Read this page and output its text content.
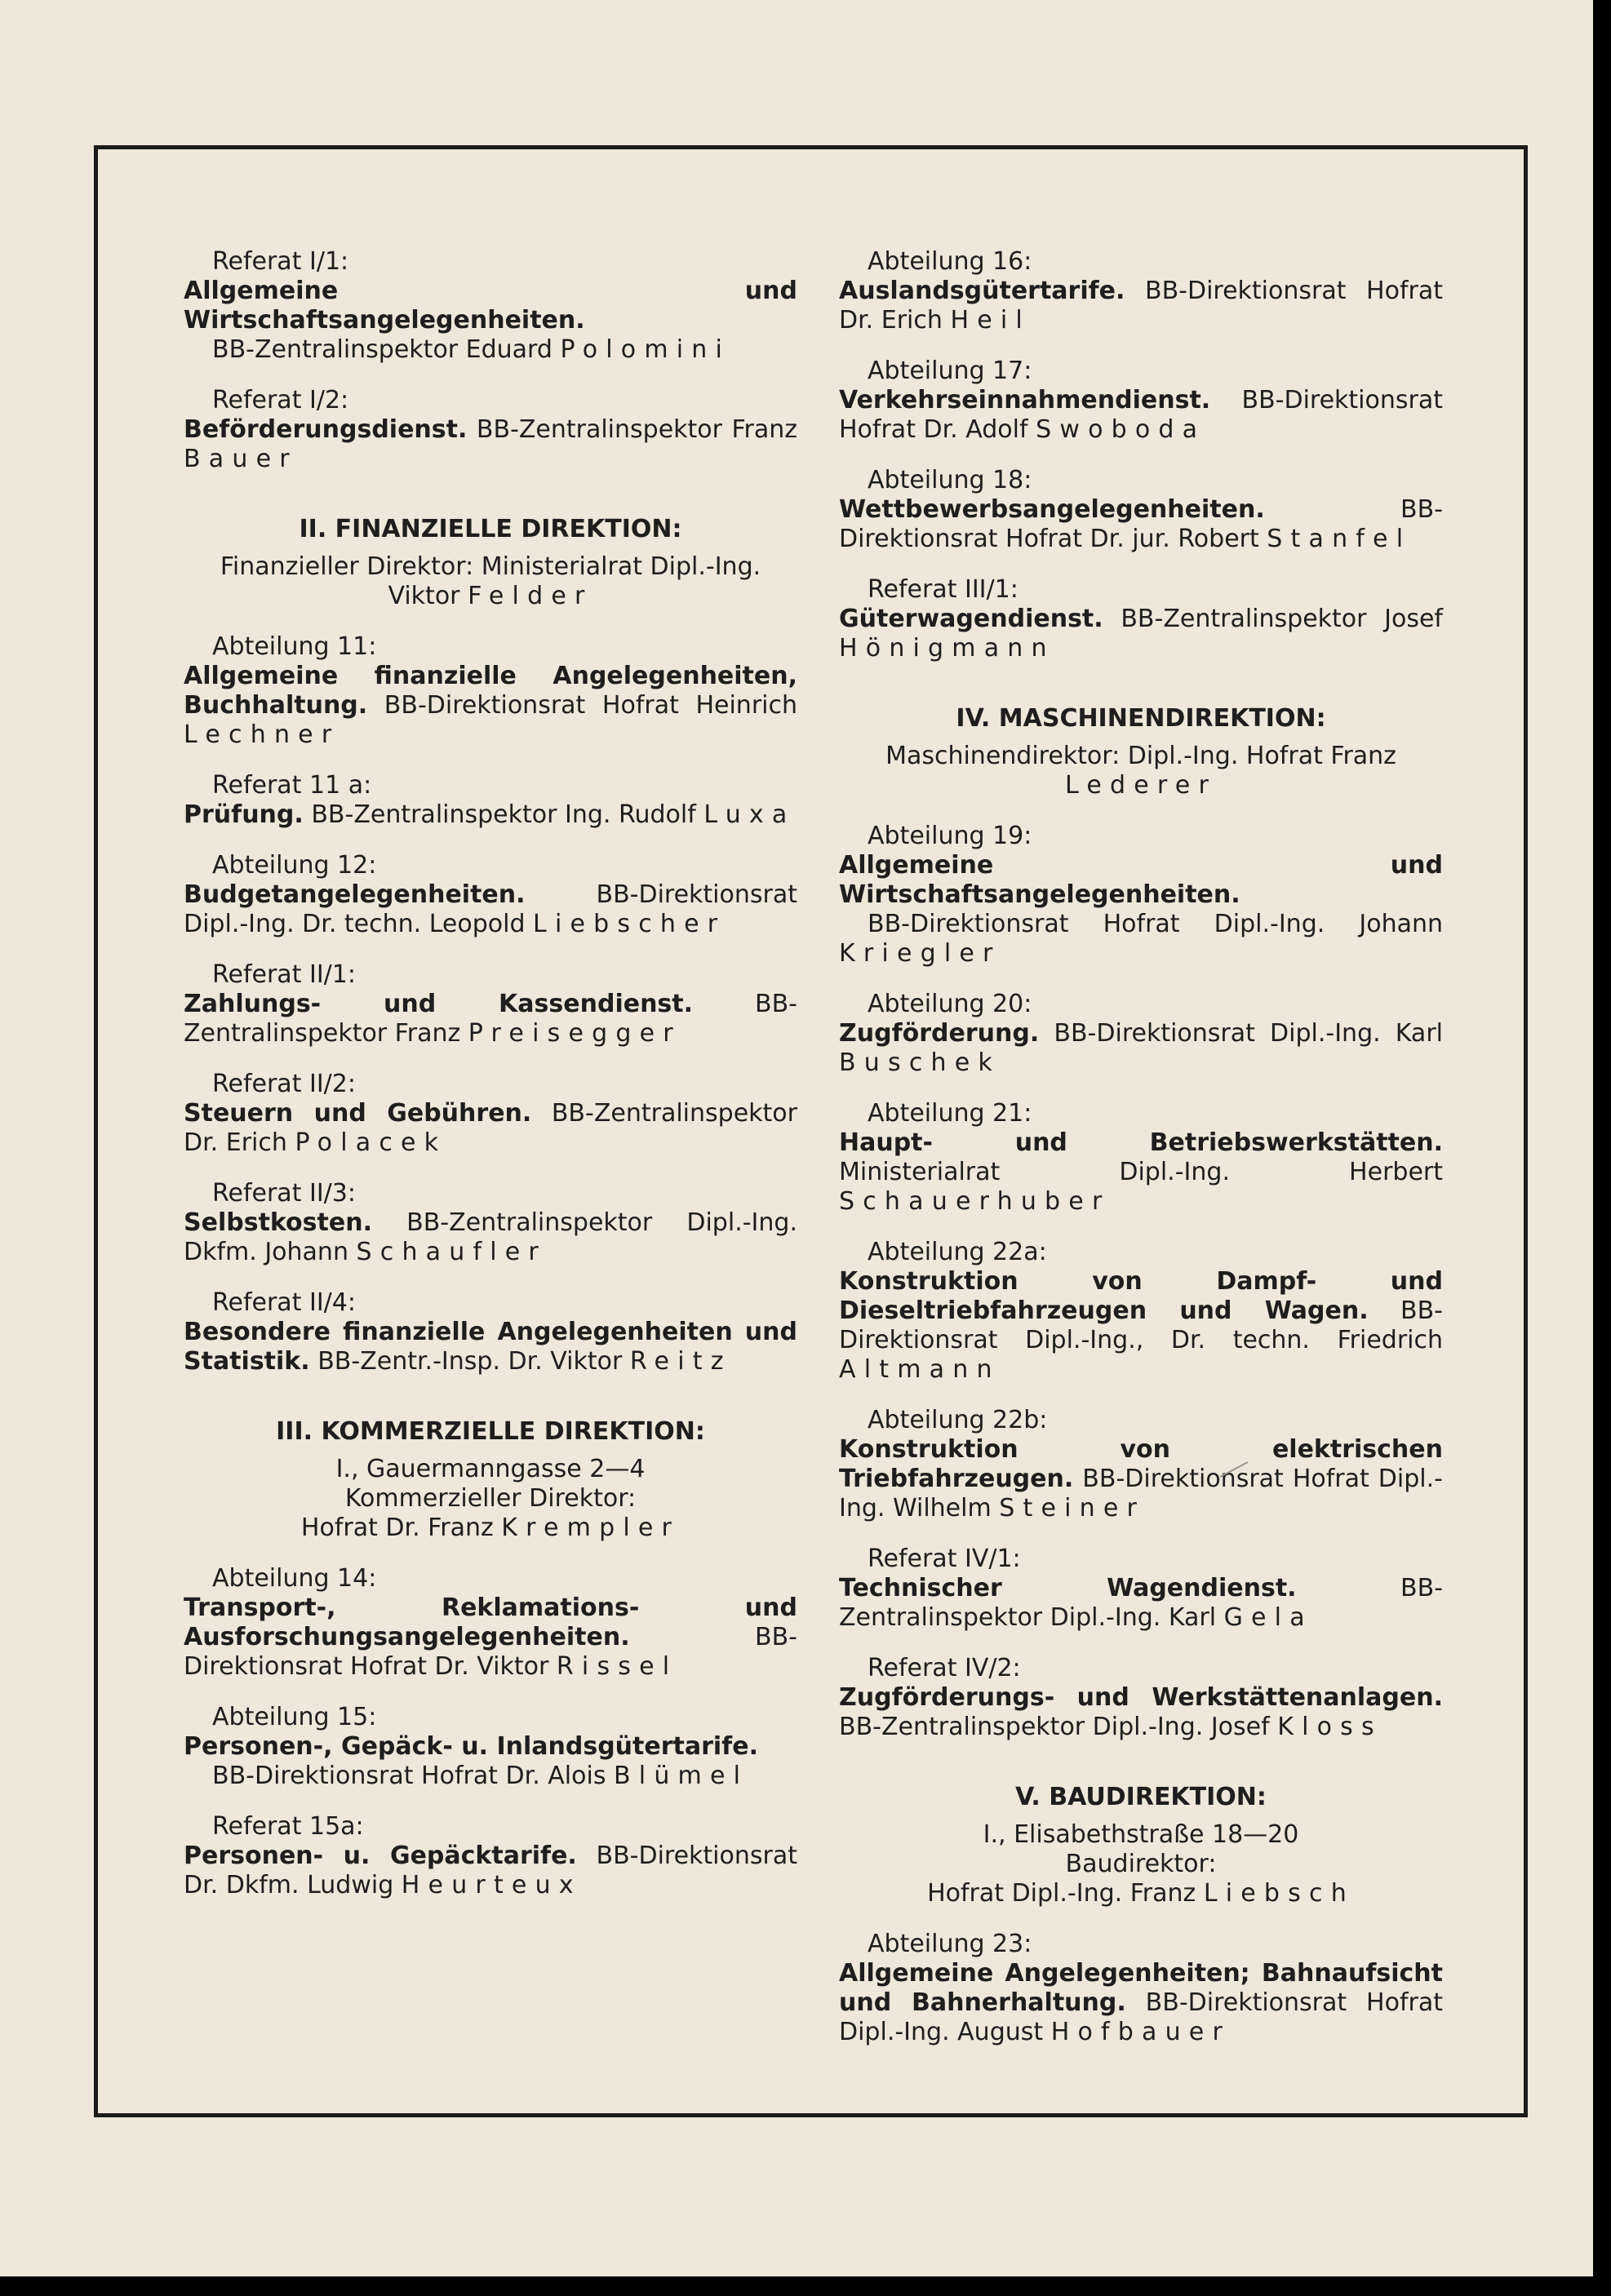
Referat I/1:
Allgemeine und Wirtschaftsangelegenheiten.
BB-Zentralinspektor Eduard Polomini
Referat I/2:
Beförderungsdienst. BB-Zentralinspektor Franz Bauer
II. FINANZIELLE DIREKTION:
Finanzieller Direktor: Ministerialrat Dipl.-Ing. Viktor Felder
Abteilung 11:
Allgemeine finanzielle Angelegenheiten, Buchhaltung. BB-Direktionsrat Hofrat Heinrich Lechner
Referat 11 a:
Prüfung. BB-Zentralinspektor Ing. Rudolf Luxa
Abteilung 12:
Budgetangelegenheiten.	BB-Direktionsrat Dipl.-Ing. Dr. techn. Leopold Liebscher
Referat II/1:
Zahlungs- und Kassendienst.	BB-Zentralinspektor Franz Preisegger
Referat II/2:
Steuern und Gebühren. BB-Zentralinspektor Dr. Erich Polacek
Referat II/3:
Selbstkosten. BB-Zentralinspektor Dipl.-Ing. Dkfm. Johann Schaufler
Referat II/4:
Besondere finanzielle Angelegenheiten und Statistik. BB-Zentr.-Insp. Dr. Viktor Reitz
III. KOMMERZIELLE DIREKTION:
I., Gauermanngasse 2—4
Kommerzieller Direktor:
Hofrat Dr. Franz Krempler
Abteilung 14:
Transport-, Reklamations- und Ausforschungsangelegenheiten.	BB-Direktionsrat Hofrat Dr. Viktor Rissel
Abteilung 15:
Personen-, Gepäck- u. Inlandsgütertarife.
BB-Direktionsrat Hofrat Dr. Alois Blümel
Referat 15a:
Personen- u. Gepäcktarife. BB-Direktionsrat Dr. Dkfm. Ludwig Heurteux
Abteilung 16:
Auslandsgütertarife. BB-Direktionsrat Hofrat Dr. Erich Heil
Abteilung 17:
Verkehrseinnahmendienst. BB-Direktionsrat Hofrat Dr. Adolf Swoboda
Abteilung 18:
Wettbewerbsangelegenheiten.	BB-Direktionsrat Hofrat Dr. jur. Robert Stanfel
Referat III/1:
Güterwagendienst. BB-Zentralinspektor Josef Hönigmann
IV. MASCHINENDIREKTION:
Maschinendirektor: Dipl.-Ing. Hofrat Franz Lederer
Abteilung 19:
Allgemeine und Wirtschaftsangelegenheiten.
BB-Direktionsrat Hofrat Dipl.-Ing. Johann Kriegler
Abteilung 20:
Zugförderung. BB-Direktionsrat Dipl.-Ing. Karl Buschek
Abteilung 21:
Haupt- und Betriebswerkstätten. Ministerialrat Dipl.-Ing. Herbert Schauerhuber
Abteilung 22a:
Konstruktion von Dampf- und Dieseltriebfahrzeugen und Wagen. BB-Direktionsrat Dipl.-Ing., Dr. techn. Friedrich Altmann
Abteilung 22b:
Konstruktion von elektrischen Triebfahrzeugen. BB-Direktionsrat Hofrat Dipl.-Ing. Wilhelm Steiner
Referat IV/1:
Technischer Wagendienst.	BB-Zentralinspektor Dipl.-Ing. Karl Gela
Referat IV/2:
Zugförderungs- und Werkstättenanlagen. BB-Zentralinspektor Dipl.-Ing. Josef Kloss
V. BAUDIREKTION:
I., Elisabethstraße 18—20
Baudirektor:
Hofrat Dipl.-Ing. Franz Liebsch
Abteilung 23:
Allgemeine Angelegenheiten; Bahnaufsicht und Bahnerhaltung. BB-Direktionsrat Hofrat Dipl.-Ing. August Hofbauer
